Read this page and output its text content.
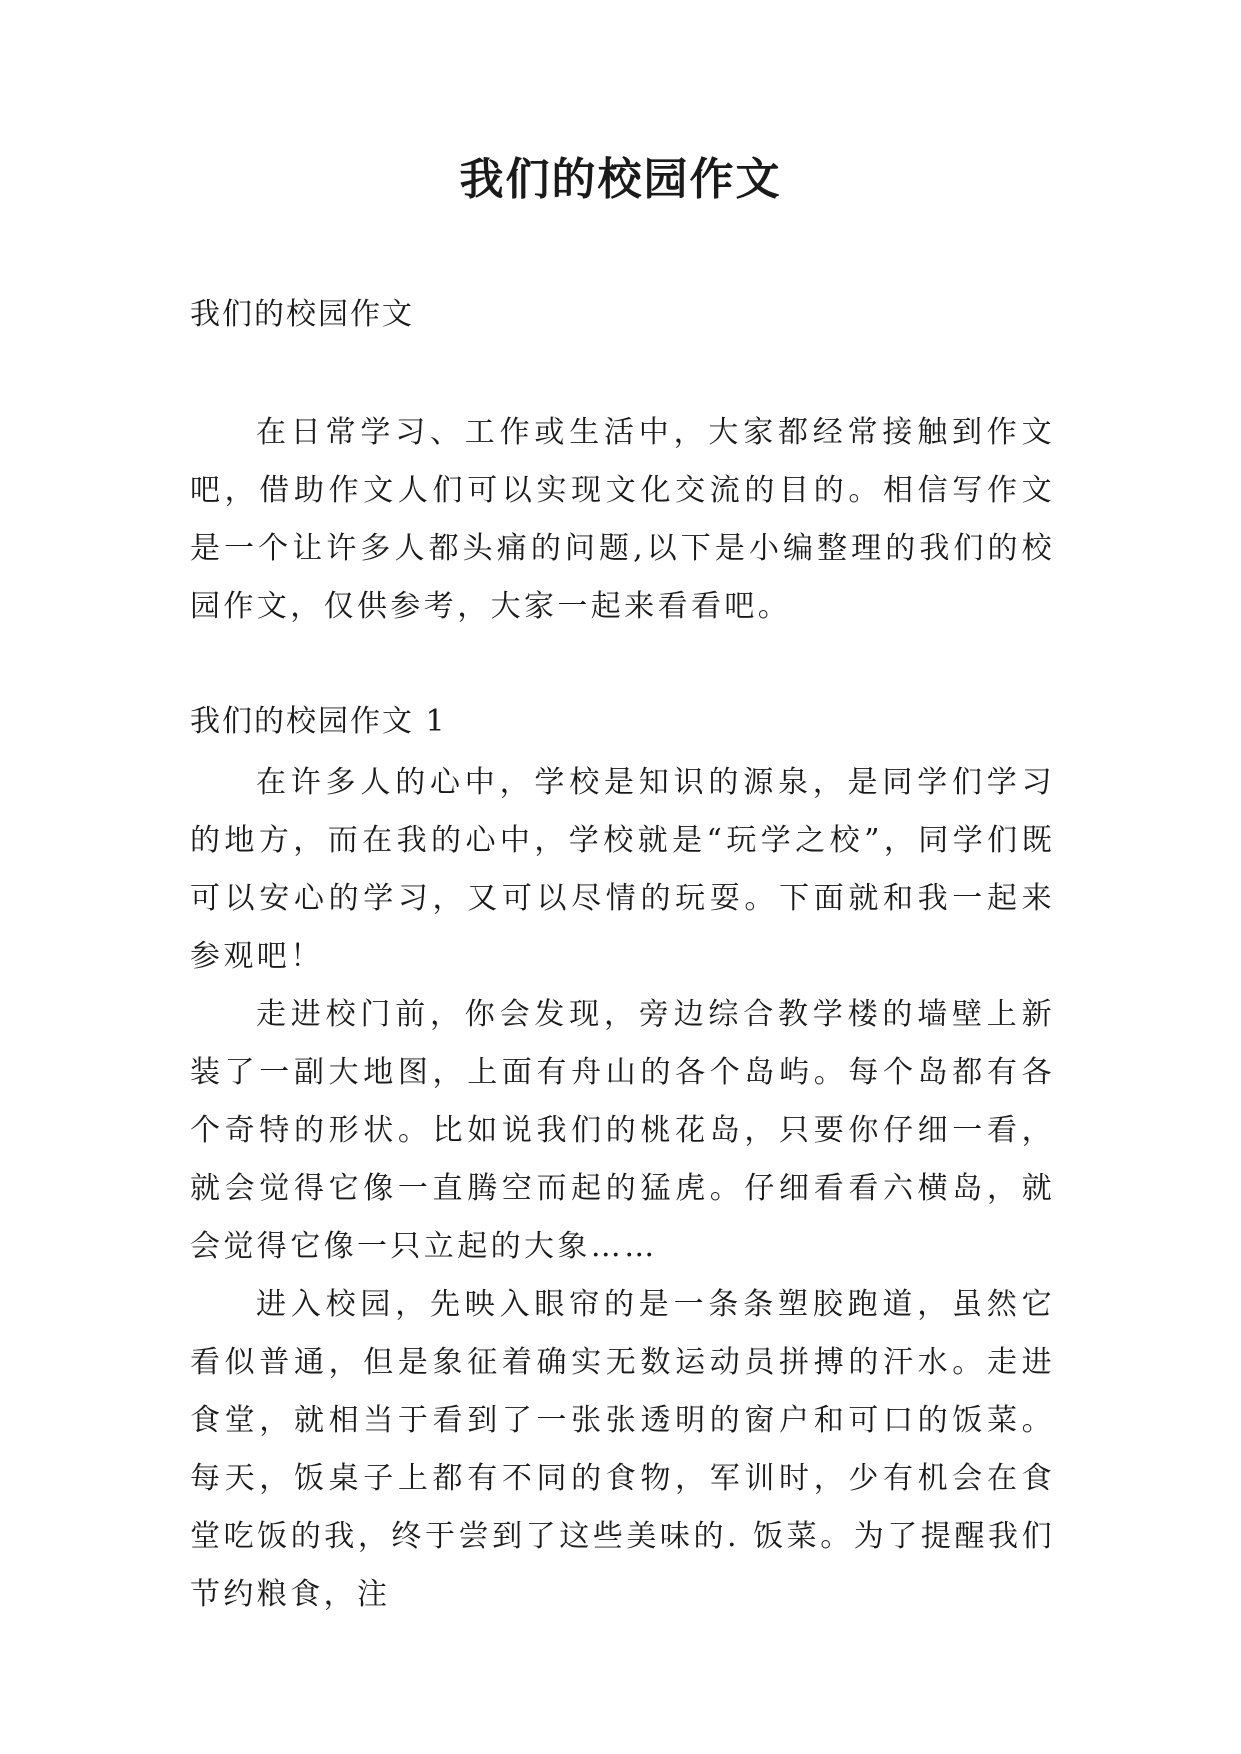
我们的校园作文

我们的校园作文

在日常学习、工作或生活中，大家都经常接触到作文吧，借助作文人们可以实现文化交流的目的。相信写作文是一个让许多人都头痛的问题,以下是小编整理的我们的校园作文，仅供参考，大家一起来看看吧。

我们的校园作文 1

在许多人的心中，学校是知识的源泉，是同学们学习的地方，而在我的心中，学校就是“玩学之校”，同学们既可以安心的学习，又可以尽情的玩耍。下面就和我一起来参观吧！

走进校门前，你会发现，旁边综合教学楼的墙壁上新装了一副大地图，上面有舟山的各个岛屿。每个岛都有各个奇特的形状。比如说我们的桃花岛，只要你仔细一看，就会觉得它像一直腾空而起的猛虎。仔细看看六横岛，就会觉得它像一只立起的大象……

进入校园，先映入眼帘的是一条条塑胶跑道，虽然它看似普通，但是象征着确实无数运动员拼搏的汗水。走进食堂，就相当于看到了一张张透明的窗户和可口的饭菜。每天，饭桌子上都有不同的食物，军训时，少有机会在食堂吃饭的我，终于尝到了这些美味的. 饭菜。为了提醒我们节约粮食，注
